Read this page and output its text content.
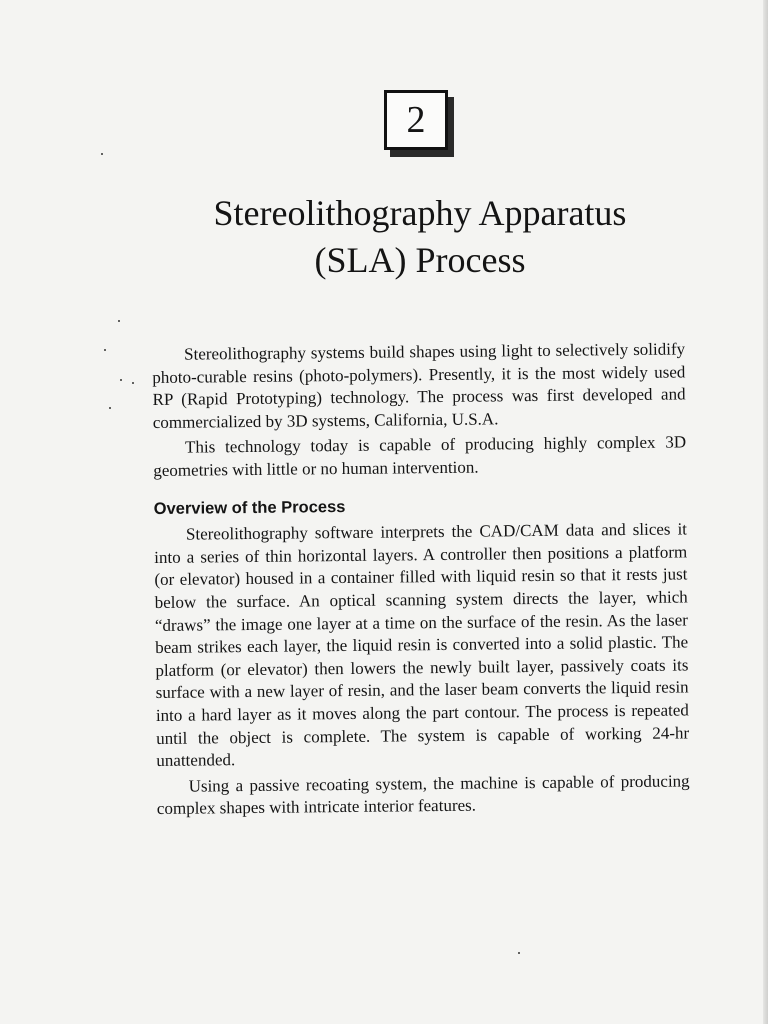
2
Stereolithography Apparatus
(SLA) Process

Stereolithography systems build shapes using light to selectively solidify photo-curable resins (photo-polymers). Presently, it is the most widely used RP (Rapid Prototyping) technology. The process was first developed and commercialized by 3D systems, California, U.S.A.

This technology today is capable of producing highly complex 3D geometries with little or no human intervention.

Overview of the Process

Stereolithography software interprets the CAD/CAM data and slices it into a series of thin horizontal layers. A controller then positions a platform (or elevator) housed in a container filled with liquid resin so that it rests just below the surface. An optical scanning system directs the layer, which “draws” the image one layer at a time on the surface of the resin. As the laser beam strikes each layer, the liquid resin is converted into a solid plastic. The platform (or elevator) then lowers the newly built layer, passively coats its surface with a new layer of resin, and the laser beam converts the liquid resin into a hard layer as it moves along the part contour. The process is repeated until the object is complete. The system is capable of working 24-hr unattended.

Using a passive recoating system, the machine is capable of producing complex shapes with intricate interior features.
